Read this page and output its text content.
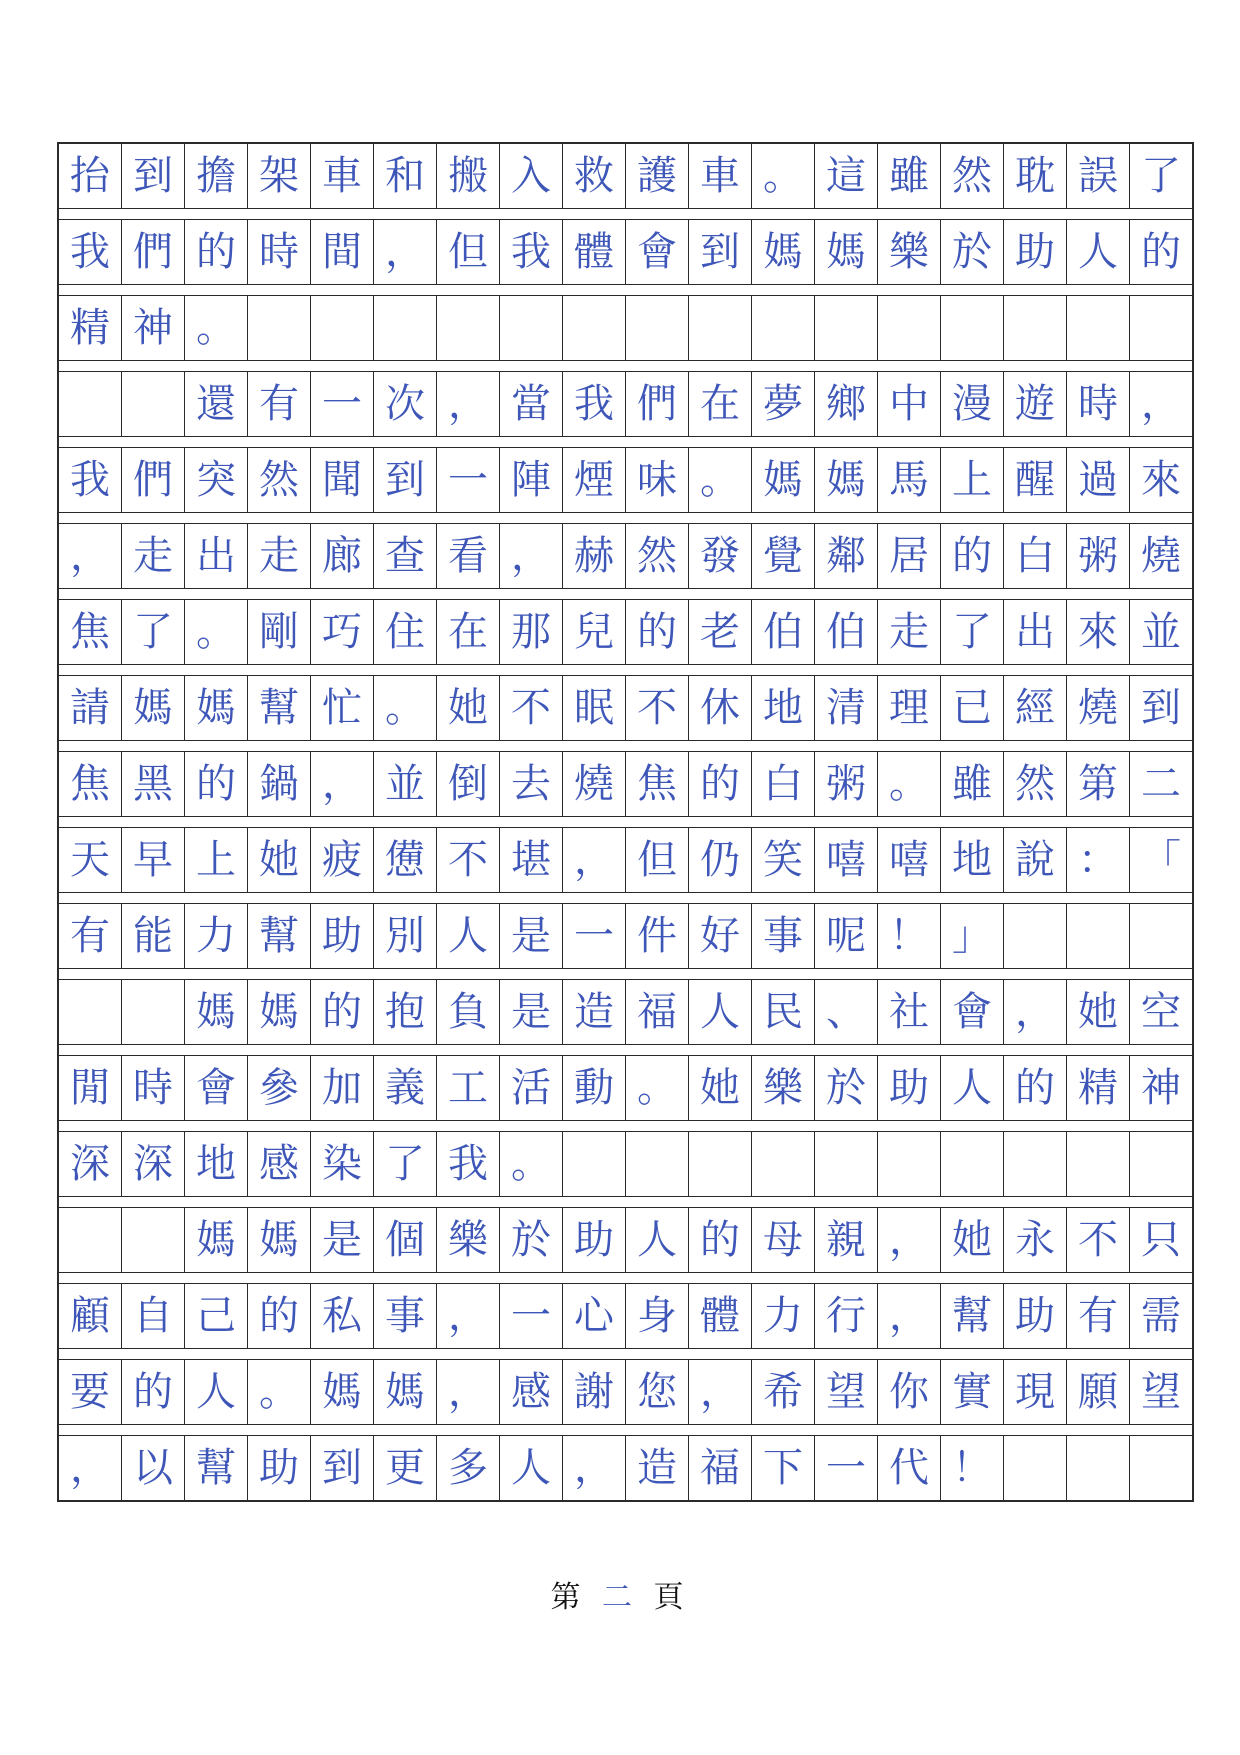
抬 到 擔 架 車 和 搬 入 救 護 車 。 這 雖 然 耽 誤 了
我 們 的 時 間 ， 但 我 體 會 到 媽 媽 樂 於 助 人 的
精 神 。
還 有 一 次 ， 當 我 們 在 夢 鄉 中 漫 遊 時 ，
我 們 突 然 聞 到 一 陣 煙 味 。 媽 媽 馬 上 醒 過 來
， 走 出 走 廊 查 看 ， 赫 然 發 覺 鄰 居 的 白 粥 燒
焦 了 。 剛 巧 住 在 那 兒 的 老 伯 伯 走 了 出 來 並
請 媽 媽 幫 忙 。 她 不 眠 不 休 地 清 理 已 經 燒 到
焦 黑 的 鍋 ， 並 倒 去 燒 焦 的 白 粥 。 雖 然 第 二
天 早 上 她 疲 憊 不 堪 ， 但 仍 笑 嘻 嘻 地 說 ： 「
有 能 力 幫 助 別 人 是 一 件 好 事 呢 ！ 」
媽 媽 的 抱 負 是 造 福 人 民 、 社 會 ， 她 空
閒 時 會 參 加 義 工 活 動 。 她 樂 於 助 人 的 精 神
深 深 地 感 染 了 我 。
媽 媽 是 個 樂 於 助 人 的 母 親 ， 她 永 不 只
顧 自 己 的 私 事 ， 一 心 身 體 力 行 ， 幫 助 有 需
要 的 人 。 媽 媽 ， 感 謝 您 ， 希 望 你 實 現 願 望
， 以 幫 助 到 更 多 人 ， 造 福 下 一 代 ！
第 二 頁
